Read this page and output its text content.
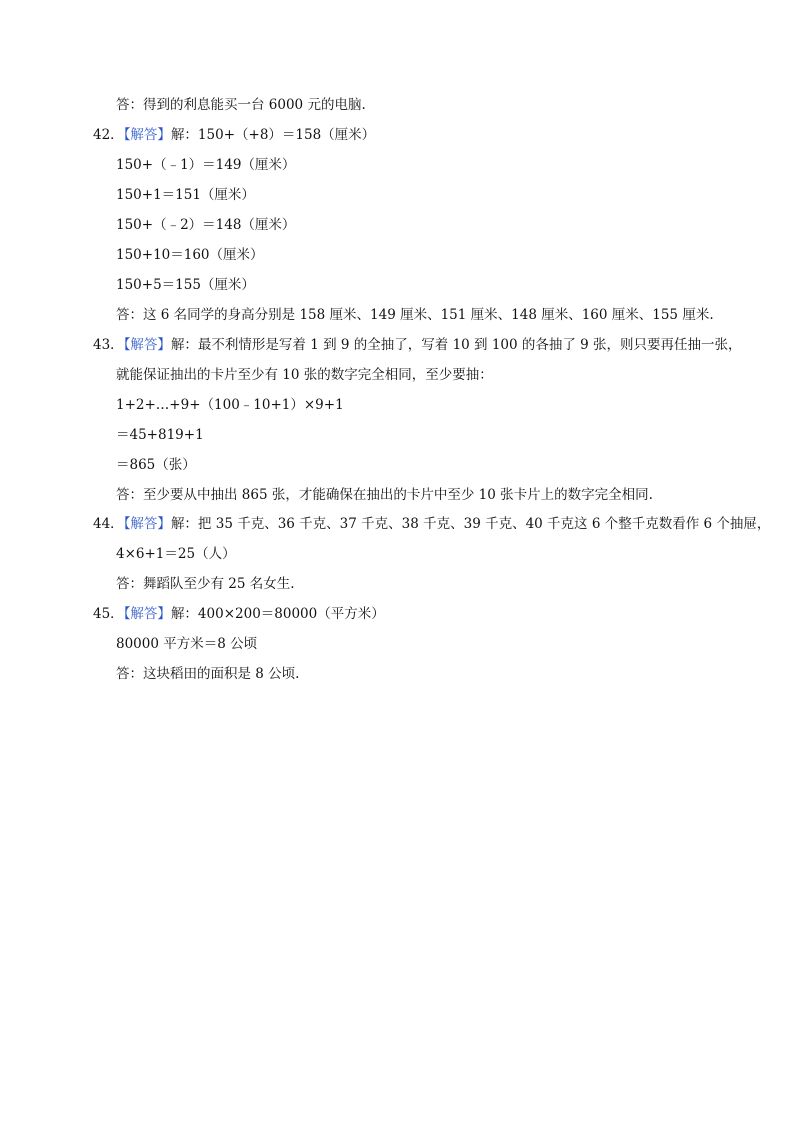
答：得到的利息能买一台 6000 元的电脑.
42．【解答】解：150+（+8）＝158（厘米）
150+（﹣1）＝149（厘米）
150+1＝151（厘米）
150+（﹣2）＝148（厘米）
150+10＝160（厘米）
150+5＝155（厘米）
答：这 6 名同学的身高分别是 158 厘米、149 厘米、151 厘米、148 厘米、160 厘米、155 厘米.
43．【解答】解：最不利情形是写着 1 到 9 的全抽了，写着 10 到 100 的各抽了 9 张，则只要再任抽一张，
就能保证抽出的卡片至少有 10 张的数字完全相同，至少要抽：
1+2+…+9+（100﹣10+1）×9+1
＝45+819+1
＝865（张）
答：至少要从中抽出 865 张，才能确保在抽出的卡片中至少 10 张卡片上的数字完全相同.
44．【解答】解：把 35 千克、36 千克、37 千克、38 千克、39 千克、40 千克这 6 个整千克数看作 6 个抽屉，
4×6+1＝25（人）
答：舞蹈队至少有 25 名女生.
45．【解答】解：400×200＝80000（平方米）
80000 平方米＝8 公顷
答：这块稻田的面积是 8 公顷.
